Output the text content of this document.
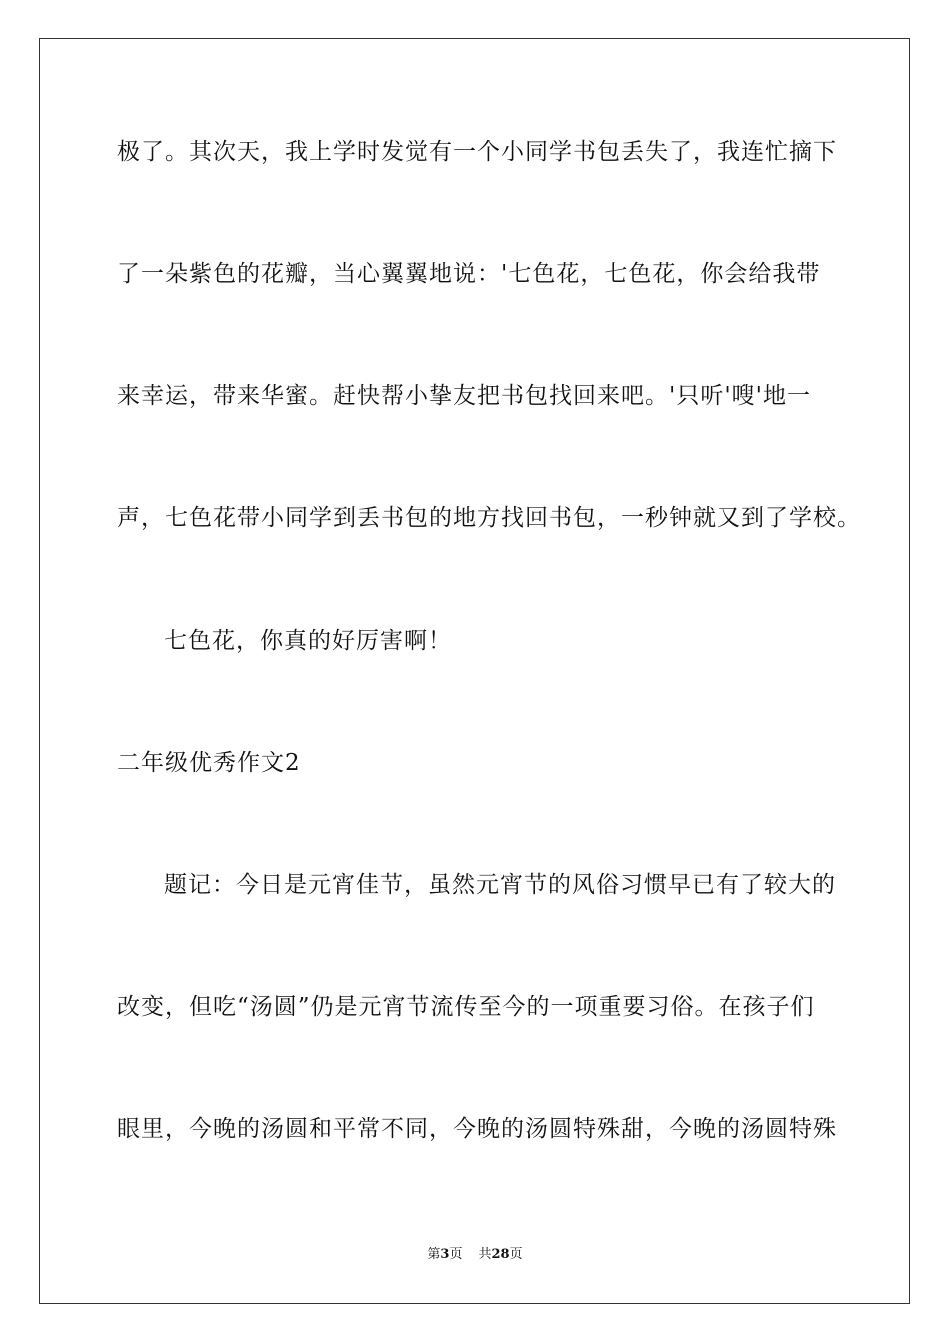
极了。其次天，我上学时发觉有一个小同学书包丢失了，我连忙摘下
了一朵紫色的花瓣，当心翼翼地说：'七色花，七色花，你会给我带
来幸运，带来华蜜。赶快帮小挚友把书包找回来吧。'只听'嗖'地一
声，七色花带小同学到丢书包的地方找回书包，一秒钟就又到了学校。
七色花，你真的好厉害啊！
二年级优秀作文2
题记：今日是元宵佳节，虽然元宵节的风俗习惯早已有了较大的
改变，但吃“汤圆”仍是元宵节流传至今的一项重要习俗。在孩子们
眼里，今晚的汤圆和平常不同，今晚的汤圆特殊甜，今晚的汤圆特殊
第3页 共28页
